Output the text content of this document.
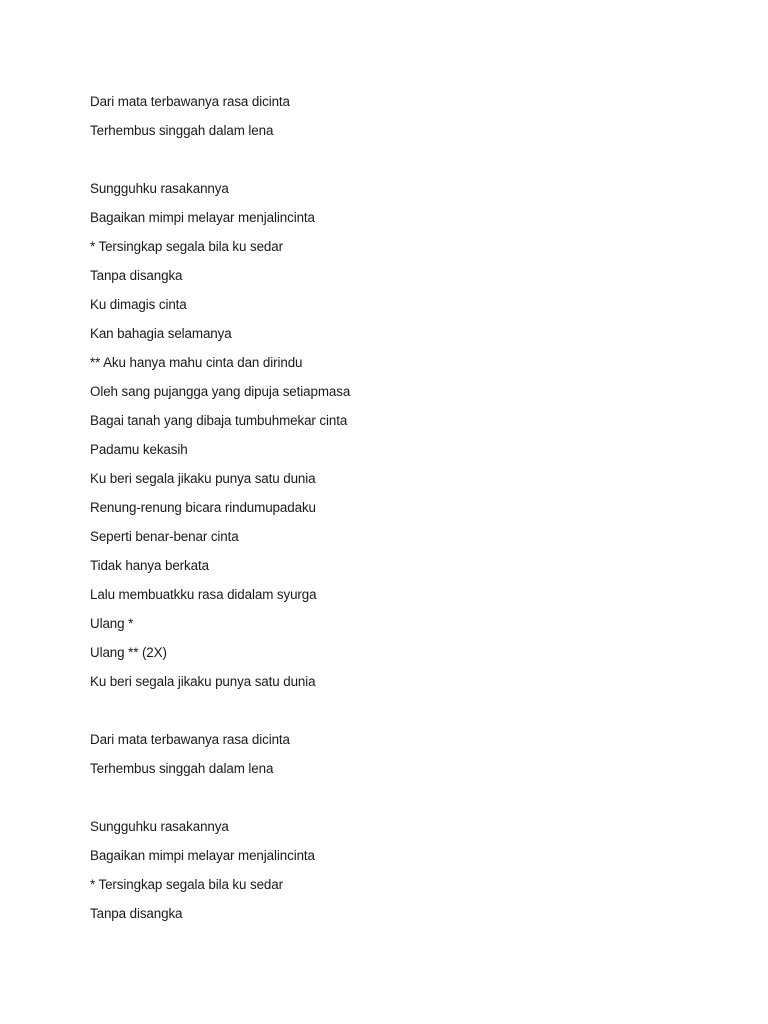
Dari mata terbawanya rasa dicinta
Terhembus singgah dalam lena
Sungguhku rasakannya
Bagaikan mimpi melayar menjalincinta
* Tersingkap segala bila ku sedar
Tanpa disangka
Ku dimagis cinta
Kan bahagia selamanya
** Aku hanya mahu cinta dan dirindu
Oleh sang pujangga yang dipuja setiapmasa
Bagai tanah yang dibaja tumbuhmekar cinta
Padamu kekasih
Ku beri segala jikaku punya satu dunia
Renung-renung bicara rindumupadaku
Seperti benar-benar cinta
Tidak hanya berkata
Lalu membuatkku rasa didalam syurga
Ulang *
Ulang ** (2X)
Ku beri segala jikaku punya satu dunia
Dari mata terbawanya rasa dicinta
Terhembus singgah dalam lena
Sungguhku rasakannya
Bagaikan mimpi melayar menjalincinta
* Tersingkap segala bila ku sedar
Tanpa disangka
